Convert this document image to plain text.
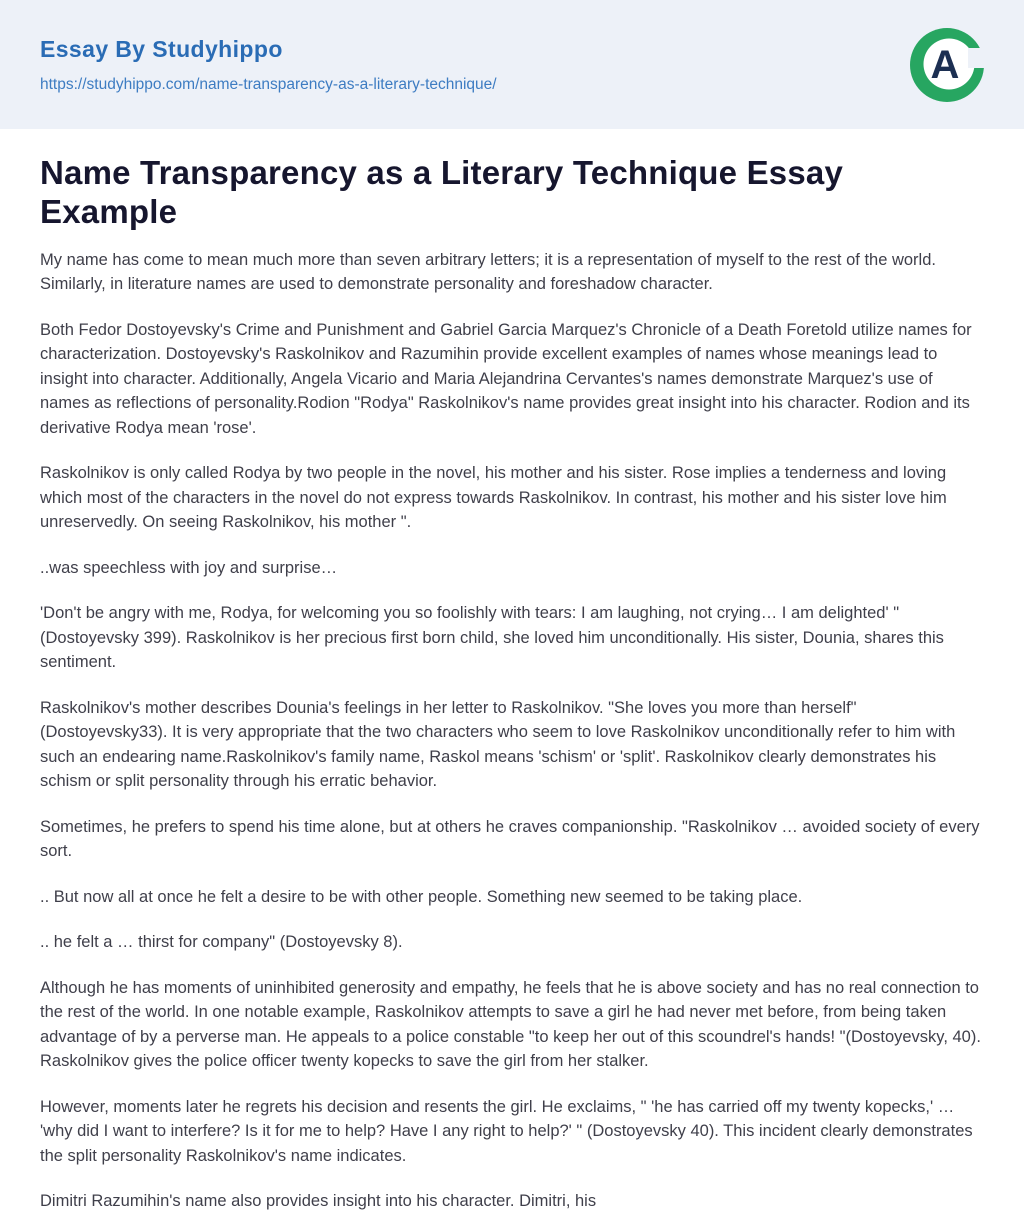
Essay By Studyhippo
https://studyhippo.com/name-transparency-as-a-literary-technique/	A
Name Transparency as a Literary Technique Essay Example

My name has come to mean much more than seven arbitrary letters; it is a representation of myself to the rest of the world. Similarly, in literature names are used to demonstrate personality and foreshadow character.

Both Fedor Dostoyevsky's Crime and Punishment and Gabriel Garcia Marquez's Chronicle of a Death Foretold utilize names for characterization. Dostoyevsky's Raskolnikov and Razumihin provide excellent examples of names whose meanings lead to insight into character. Additionally, Angela Vicario and Maria Alejandrina Cervantes's names demonstrate Marquez's use of names as reflections of personality.Rodion "Rodya" Raskolnikov's name provides great insight into his character. Rodion and its derivative Rodya mean 'rose'.

Raskolnikov is only called Rodya by two people in the novel, his mother and his sister. Rose implies a tenderness and loving which most of the characters in the novel do not express towards Raskolnikov. In contrast, his mother and his sister love him unreservedly. On seeing Raskolnikov, his mother ".

..was speechless with joy and surprise…

'Don't be angry with me, Rodya, for welcoming you so foolishly with tears: I am laughing, not crying… I am delighted' "(Dostoyevsky 399). Raskolnikov is her precious first born child, she loved him unconditionally. His sister, Dounia, shares this sentiment.

Raskolnikov's mother describes Dounia's feelings in her letter to Raskolnikov. "She loves you more than herself" (Dostoyevsky33). It is very appropriate that the two characters who seem to love Raskolnikov unconditionally refer to him with such an endearing name.Raskolnikov's family name, Raskol means 'schism' or 'split'. Raskolnikov clearly demonstrates his schism or split personality through his erratic behavior.

Sometimes, he prefers to spend his time alone, but at others he craves companionship. "Raskolnikov … avoided society of every sort.

.. But now all at once he felt a desire to be with other people. Something new seemed to be taking place.

.. he felt a … thirst for company" (Dostoyevsky 8).

Although he has moments of uninhibited generosity and empathy, he feels that he is above society and has no real connection to the rest of the world. In one notable example, Raskolnikov attempts to save a girl he had never met before, from being taken advantage of by a perverse man. He appeals to a police constable "to keep her out of this scoundrel's hands! "(Dostoyevsky, 40). Raskolnikov gives the police officer twenty kopecks to save the girl from her stalker.

However, moments later he regrets his decision and resents the girl. He exclaims, " 'he has carried off my twenty kopecks,' … 'why did I want to interfere? Is it for me to help? Have I any right to help?' " (Dostoyevsky 40). This incident clearly demonstrates the split personality Raskolnikov's name indicates.

Dimitri Razumihin's name also provides insight into his character. Dimitri, his
